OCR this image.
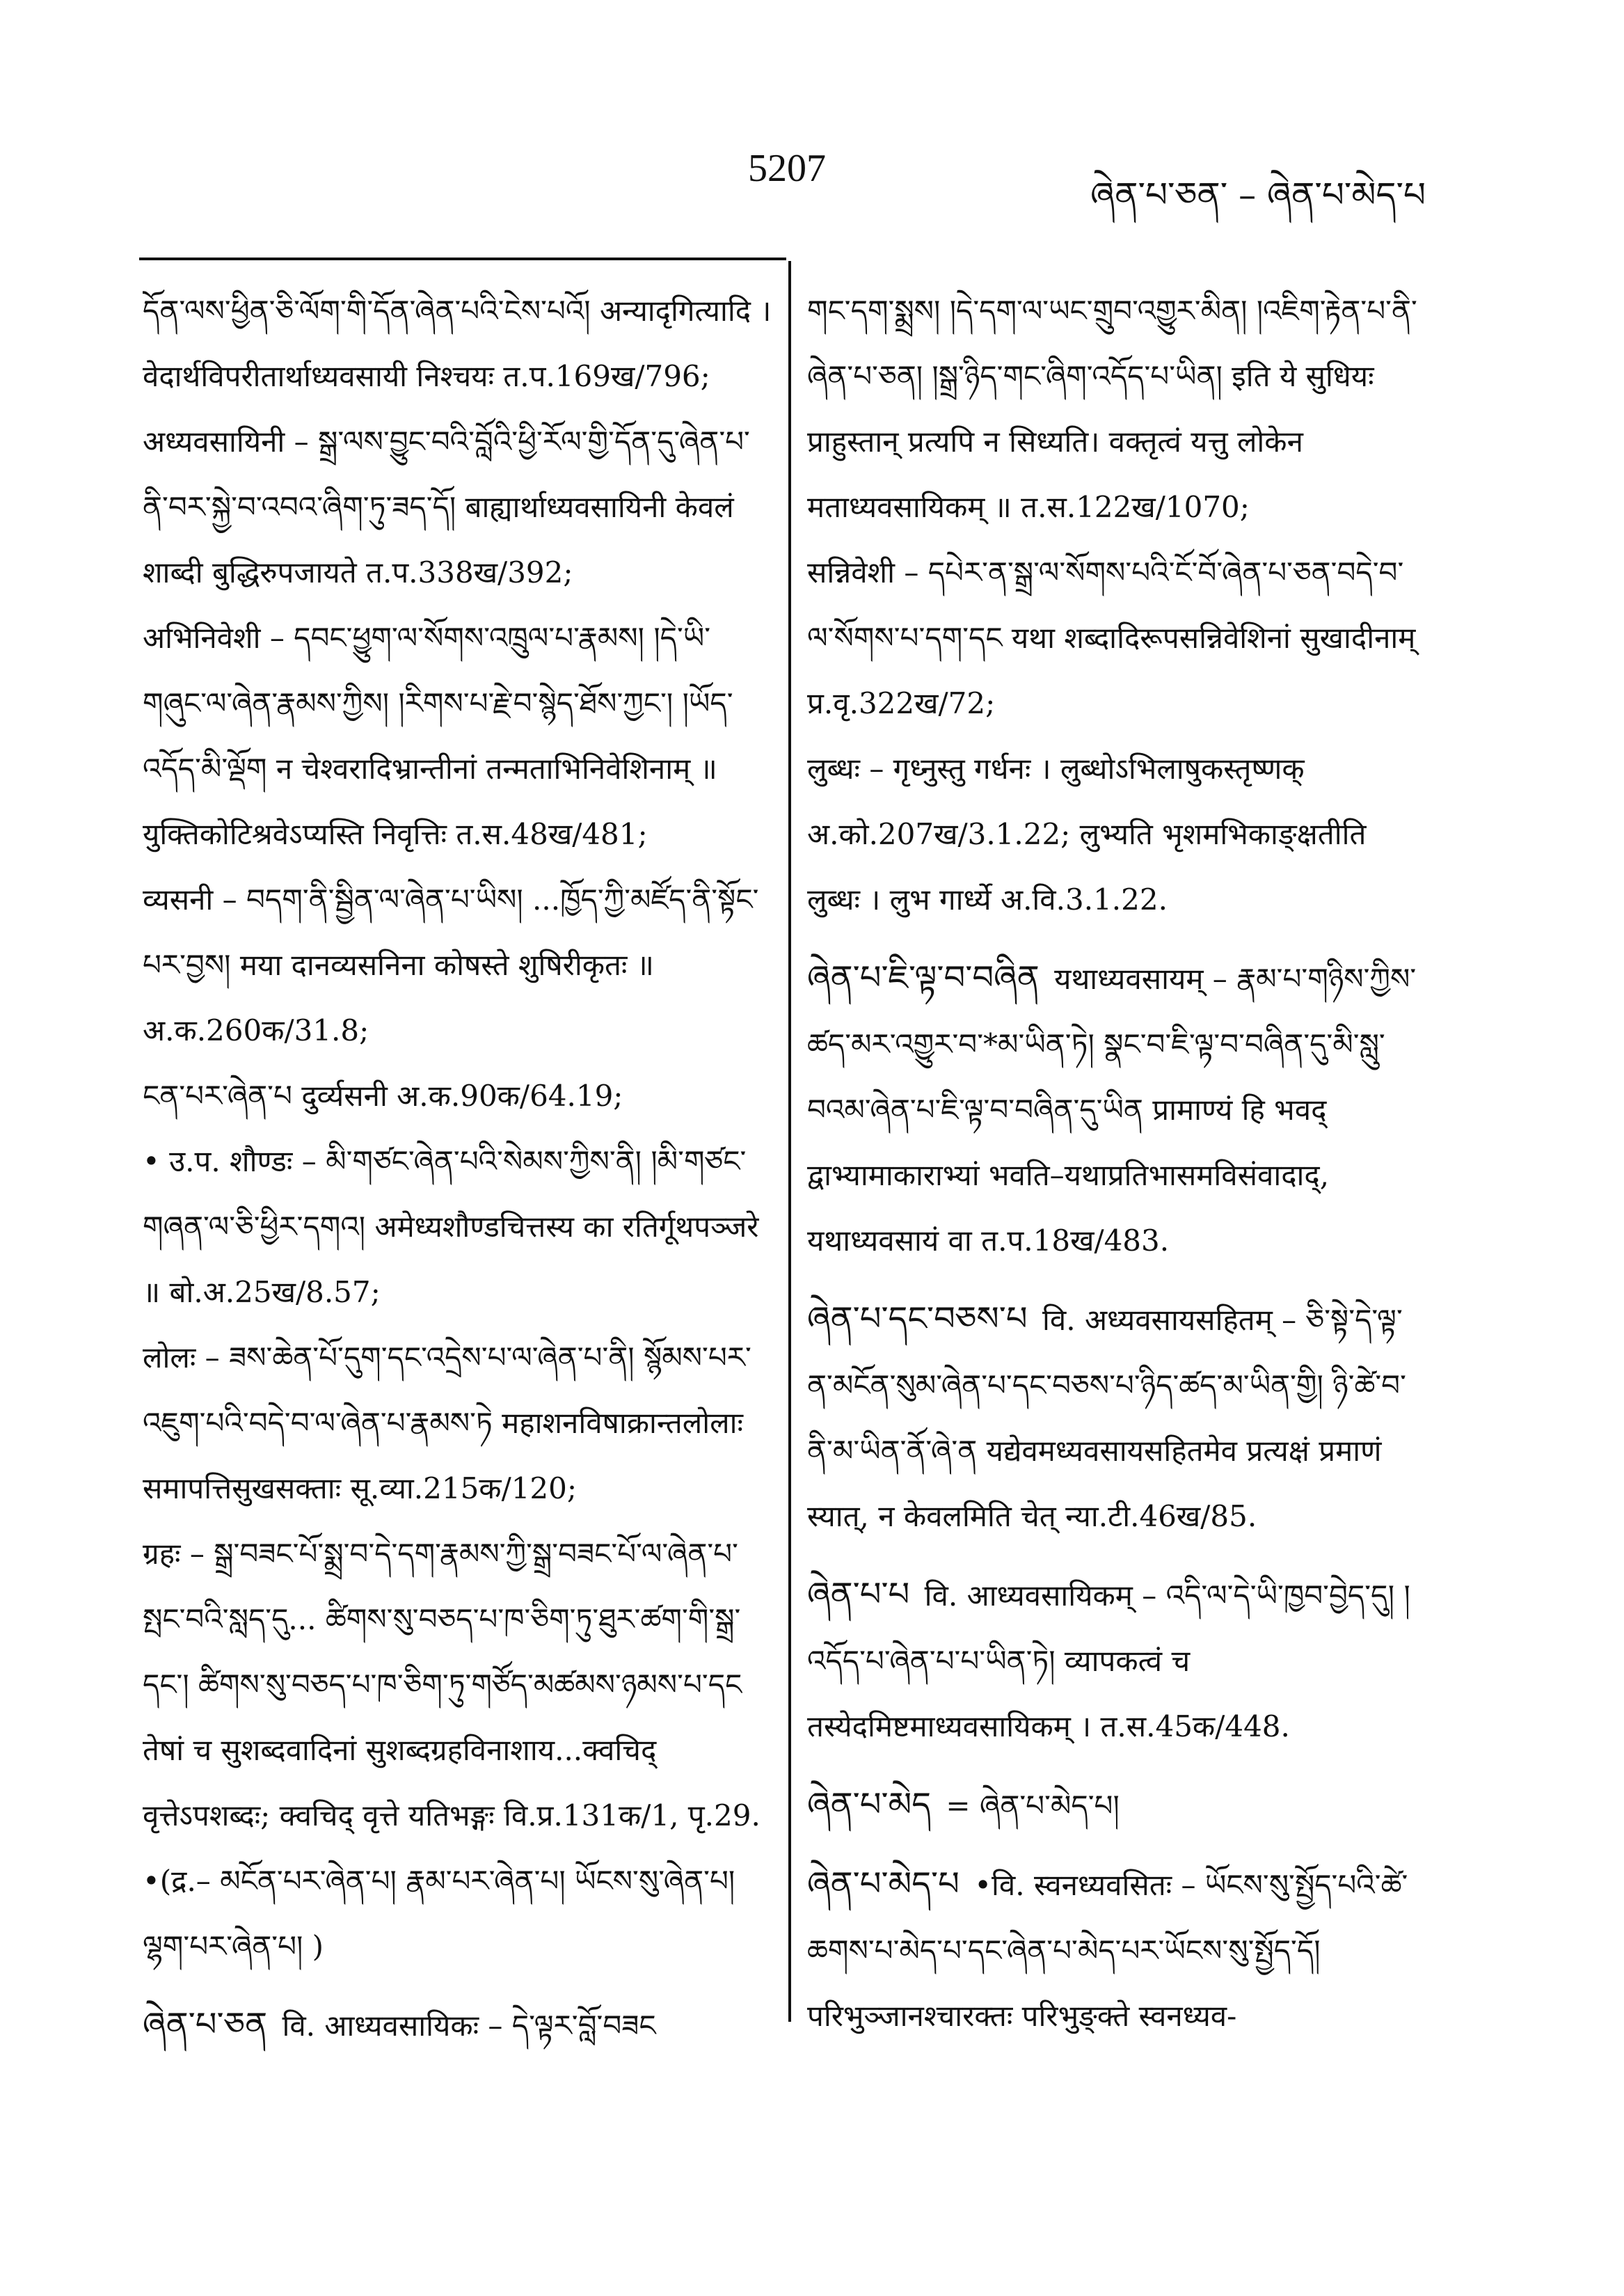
5207
ཞེན་པ་ཅན་ – ཞེན་པ་མེད་པ
དོན་ལས་ཕྱིན་ཅི་ལོག་གི་དོན་ཞེན་པའི་ངེས་པའོ། अन्यादृगित्यादि । वेदार्थविपरीतार्थाध्यवसायी निश्चयः त.प.169ख/796;
अध्यवसायिनी – སྒྲ་ལས་བྱུང་བའི་བློའི་ཕྱི་རོལ་གྱི་དོན་དུ་ཞེན་པ་ནི་བར་སྐྱེ་བ་འབའ་ཞིག་ཏུ་ཟད་དོ། बाह्यार्थाध्यवसायिनी केवलं शाब्दी बुद्धिरुपजायते त.प.338ख/392;
अभिनिवेशी – དབང་ཕྱུག་ལ་སོགས་འཁྲུལ་པ་རྣམས། །དེ་ཡི་གཞུང་ལ་ཞེན་རྣམས་ཀྱིས། །རིགས་པ་རྗེ་བ་སྙེད་ཐོས་ཀྱང་། །ཡོད་འདོད་མི་ལྡོག न चेश्वरादिभ्रान्तीनां तन्मताभिनिवेशिनाम् ॥ युक्तिकोटिश्रवेऽप्यस्ति निवृत्तिः त.स.48ख/481;
व्यसनी – བདག་ནི་སྦྱིན་ལ་ཞེན་པ་ཡིས། ...ཁྱོད་ཀྱི་མཛོད་ནི་སྟོང་པར་བྱས། मया दानव्यसनिना कोषस्ते शुषिरीकृतः ॥ अ.क.260क/31.8;
ངན་པར་ཞེན་པ दुर्व्यसनी अ.क.90क/64.19;
• उ.प. शौण्डः – མི་གཙང་ཞེན་པའི་སེམས་ཀྱིས་ནི། །མི་གཙང་གཞན་ལ་ཅི་ཕྱིར་དགའ། अमेध्यशौण्डचित्तस्य का रतिर्गूथपञ्जरे ॥ बो.अ.25ख/8.57;
लोलः – ཟས་ཆེན་པོ་དུག་དང་འདྲེས་པ་ལ་ཞེན་པ་ནི། སྙོམས་པར་འཇུག་པའི་བདེ་བ་ལ་ཞེན་པ་རྣམས་ཏེ महाशनविषाक्रान्तलोलाः समापत्तिसुखसक्ताः सू.व्या.215क/120;
ग्रहः – སྒྲ་བཟང་པོ་སྨྲ་བ་དེ་དག་རྣམས་ཀྱི་སྒྲ་བཟང་པོ་ལ་ཞེན་པ་སྤང་བའི་སླད་དུ... ཚིགས་སུ་བཅད་པ་ཁ་ཅིག་ཏུ་ཐུར་ཚག་གི་སྒྲ་དང་། ཚིགས་སུ་བཅད་པ་ཁ་ཅིག་ཏུ་གཙོད་མཚམས་ཉམས་པ་དང तेषां च सुशब्दवादिनां सुशब्दग्रहविनाशाय...क्वचिद् वृत्तेऽपशब्दः; क्वचिद् वृत्ते यतिभङ्गः वि.प्र.131क/1, पृ.29.
•(द्र.– མངོན་པར་ཞེན་པ། རྣམ་པར་ཞེན་པ། ཡོངས་སུ་ཞེན་པ། ལྷག་པར་ཞེན་པ། )
ཞེན་པ་ཅན वि. आध्यवसायिकः – དེ་ལྟར་བློ་བཟང
གང་དག་སྨྲས། །དེ་དག་ལ་ཡང་གྲུབ་འགྱུར་མིན། །འཇིག་རྟེན་པ་ནི་ཞེན་པ་ཅན། །སྒྲ་ཉིད་གང་ཞིག་འདོད་པ་ཡིན། इति ये सुधियः प्राहुस्तान् प्रत्यपि न सिध्यति। वक्तृत्वं यत्तु लोकेन मताध्यवसायिकम् ॥ त.स.122ख/1070;
सन्निवेशी – དཔེར་ན་སྒྲ་ལ་སོགས་པའི་ངོ་བོ་ཞེན་པ་ཅན་བདེ་བ་ལ་སོགས་པ་དག་དང यथा शब्दादिरूपसन्निवेशिनां सुखादीनाम् प्र.वृ.322ख/72;
लुब्धः – गृध्नुस्तु गर्धनः । लुब्धोऽभिलाषुकस्तृष्णक् अ.को.207ख/3.1.22; लुभ्यति भृशमभिकाङ्क्षतीति लुब्धः । लुभ गार्ध्ये अ.वि.3.1.22.
ཞེན་པ་ཇི་ལྟ་བ་བཞིན यथाध्यवसायम् – རྣམ་པ་གཉིས་ཀྱིས་ཚད་མར་འགྱུར་བ་*མ་ཡིན་ཏེ། སྣང་བ་ཇི་ལྟ་བ་བཞིན་དུ་མི་སླུ་བའམ་ཞེན་པ་ཇི་ལྟ་བ་བཞིན་དུ་ཡིན प्रामाण्यं हि भवद् द्वाभ्यामाकाराभ्यां भवति–यथाप्रतिभासमविसंवादाद्, यथाध्यवसायं वा त.प.18ख/483.
ཞེན་པ་དང་བཅས་པ वि. अध्यवसायसहितम् – ཅི་སྟེ་དེ་ལྟ་ན་མངོན་སུམ་ཞེན་པ་དང་བཅས་པ་ཉིད་ཚད་མ་ཡིན་གྱི། ཉི་ཚེ་བ་ནི་མ་ཡིན་ནོ་ཞེ་ན यद्येवमध्यवसायसहितमेव प्रत्यक्षं प्रमाणं स्यात्, न केवलमिति चेत् न्या.टी.46ख/85.
ཞེན་པ་པ वि. आध्यवसायिकम् – འདི་ལ་དེ་ཡི་ཁྱབ་བྱེད་དུ། །འདོད་པ་ཞེན་པ་པ་ཡིན་ཏེ། व्यापकत्वं च तस्येदमिष्टमाध्यवसायिकम् । त.स.45क/448.
ཞེན་པ་མེད = ཞེན་པ་མེད་པ།
ཞེན་པ་མེད་པ •वि. स्वनध्यवसितः – ཡོངས་སུ་སྤྱོད་པའི་ཚེ་ཆགས་པ་མེད་པ་དང་ཞེན་པ་མེད་པར་ཡོངས་སུ་སྤྱོད་དོ། परिभुञ्जानश्चारक्तः परिभुङ्क्ते स्वनध्यव-
